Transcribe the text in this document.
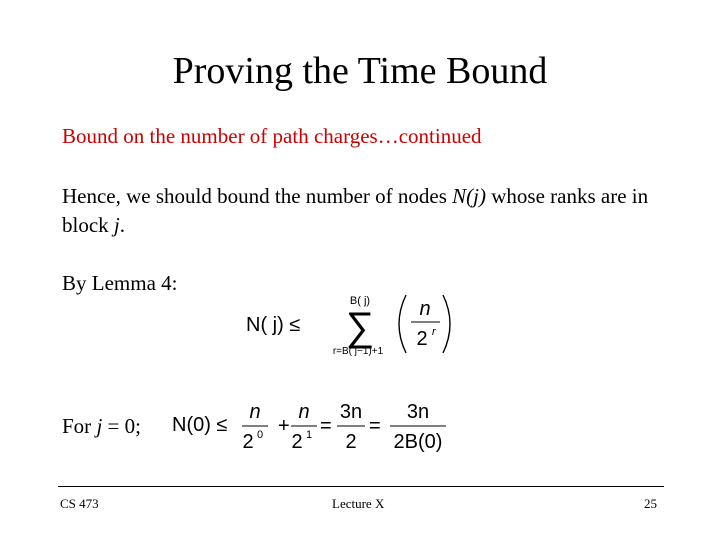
Proving the Time Bound
Bound on the number of path charges…continued
Hence, we should bound the number of nodes N(j) whose ranks are in block j.
By Lemma 4:
N( j) ≤
B( j)
∑
r=B( j−1)+1
n
2 r
For j = 0; N(0) ≤
n
2 0 +
n
2 1 =
3n
2
=
3n
2B(0)
CS 473	Lecture X	25
